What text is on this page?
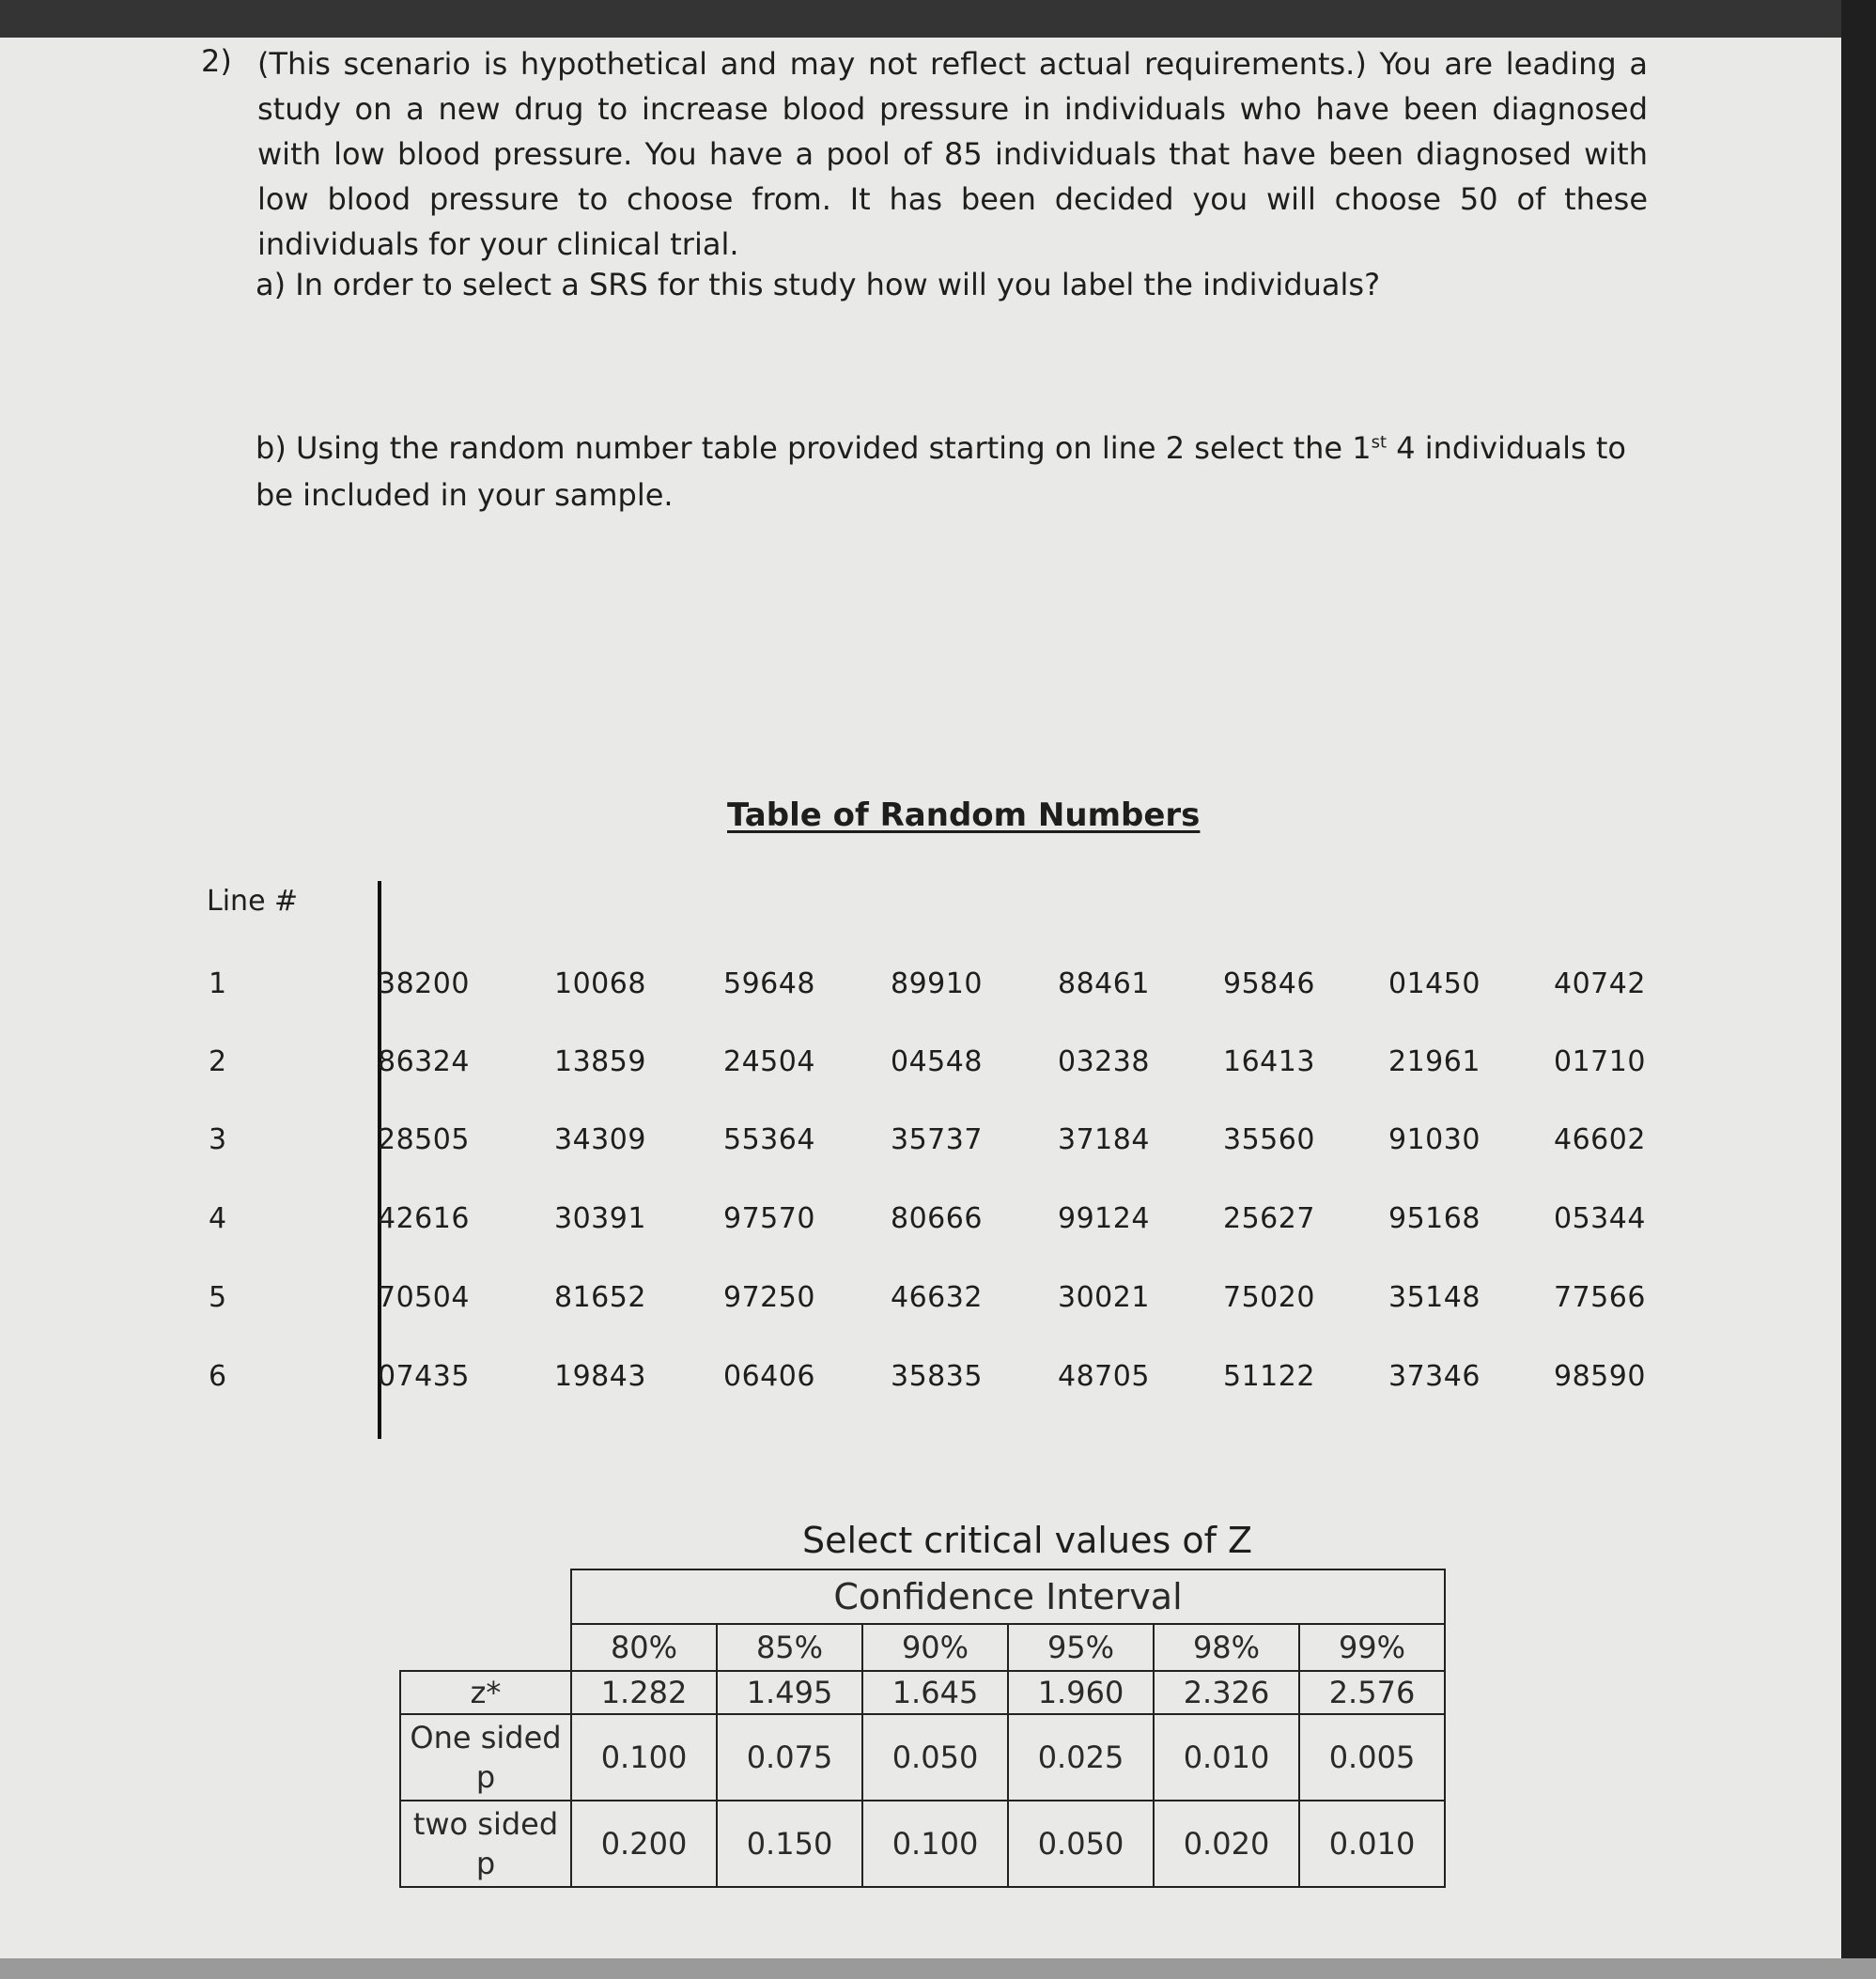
2) (This scenario is hypothetical and may not reflect actual requirements.) You are leading a study on a new drug to increase blood pressure in individuals who have been diagnosed with low blood pressure. You have a pool of 85 individuals that have been diagnosed with low blood pressure to choose from. It has been decided you will choose 50 of these individuals for your clinical trial.
a) In order to select a SRS for this study how will you label the individuals?
b) Using the random number table provided starting on line 2 select the 1st 4 individuals to be included in your sample.
Table of Random Numbers
Line #
1	38200	10068	59648	89910	88461	95846	01450	40742
2	86324	13859	24504	04548	03238	16413	21961	01710
3	28505	34309	55364	35737	37184	35560	91030	46602
4	42616	30391	97570	80666	99124	25627	95168	05344
5	70504	81652	97250	46632	30021	75020	35148	77566
6	07435	19843	06406	35835	48705	51122	37346	98590
Select critical values of Z
	Confidence Interval					
	80%	85%	90%	95%	98%	99%
z*	1.282	1.495	1.645	1.960	2.326	2.576
One sided p	0.100	0.075	0.050	0.025	0.010	0.005
two sided p	0.200	0.150	0.100	0.050	0.020	0.010
